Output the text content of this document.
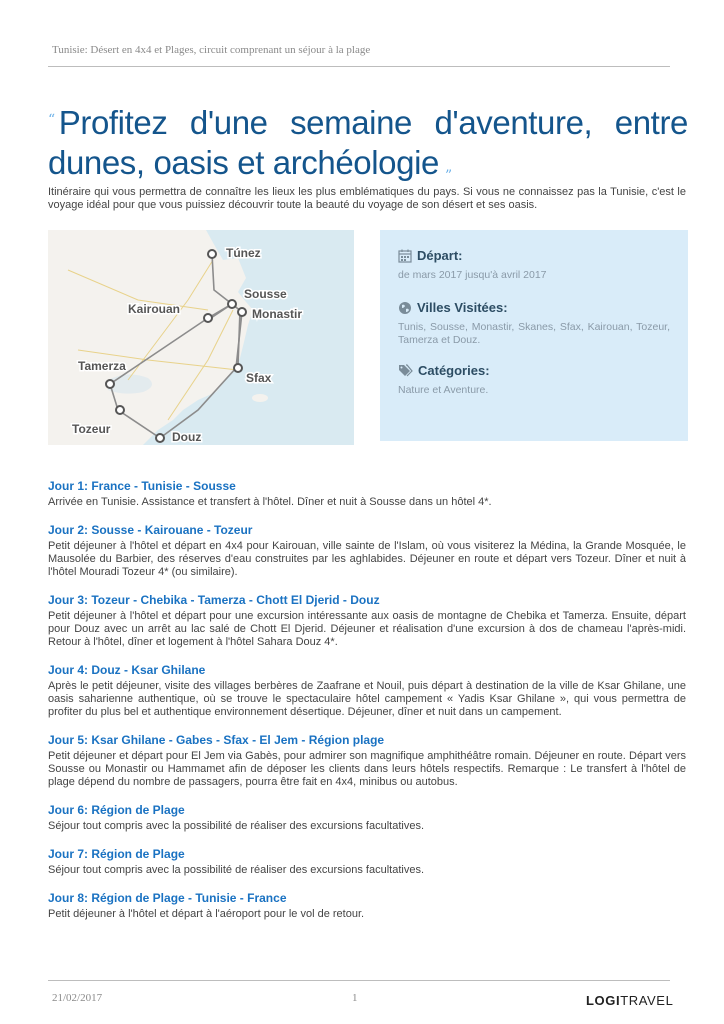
Tunisie: Désert en 4x4 et Plages, circuit comprenant un séjour à la plage
“ Profitez d'une semaine d'aventure, entre dunes, oasis et archéologie ”
Itinéraire qui vous permettra de connaître les lieux les plus emblématiques du pays. Si vous ne connaissez pas la Tunisie, c'est le voyage idéal pour que vous puissiez découvrir toute la beauté du voyage de son désert et ses oasis.
Túnez
Kairouan
Sousse
Monastir
Tamerza
Sfax
Tozeur
Douz
Départ:
de mars 2017 jusqu'à avril 2017
Villes Visitées:
Tunis, Sousse, Monastir, Skanes, Sfax, Kairouan, Tozeur, Tamerza et Douz.
Catégories:
Nature et Aventure.
Jour 1: France - Tunisie - Sousse
Arrivée en Tunisie. Assistance et transfert à l'hôtel. Dîner et nuit à Sousse dans un hôtel 4*.
Jour 2: Sousse - Kairouane - Tozeur
Petit déjeuner à l'hôtel et départ en 4x4 pour Kairouan, ville sainte de l'Islam, où vous visiterez la Médina, la Grande Mosquée, le Mausolée du Barbier, des réserves d'eau construites par les aghlabides. Déjeuner en route et départ vers Tozeur. Dîner et nuit à l'hôtel Mouradi Tozeur 4* (ou similaire).
Jour 3: Tozeur - Chebika - Tamerza - Chott El Djerid - Douz
Petit déjeuner à l'hôtel et départ pour une excursion intéressante aux oasis de montagne de Chebika et Tamerza. Ensuite, départ pour Douz avec un arrêt au lac salé de Chott El Djerid. Déjeuner et réalisation d'une excursion à dos de chameau l'après-midi. Retour à l'hôtel, dîner et logement à l'hôtel Sahara Douz 4*.
Jour 4: Douz - Ksar Ghilane
Après le petit déjeuner, visite des villages berbères de Zaafrane et Nouil, puis départ à destination de la ville de Ksar Ghilane, une oasis saharienne authentique, où se trouve le spectaculaire hôtel campement « Yadis Ksar Ghilane », qui vous permettra de profiter du plus bel et authentique environnement désertique. Déjeuner, dîner et nuit dans un campement.
Jour 5: Ksar Ghilane - Gabes - Sfax - El Jem - Région plage
Petit déjeuner et départ pour El Jem via Gabès, pour admirer son magnifique amphithéâtre romain. Déjeuner en route. Départ vers Sousse ou Monastir ou Hammamet afin de déposer les clients dans leurs hôtels respectifs. Remarque : Le transfert à l'hôtel de plage dépend du nombre de passagers, pourra être fait en 4x4, minibus ou autobus.
Jour 6: Région de Plage
Séjour tout compris avec la possibilité de réaliser des excursions facultatives.
Jour 7: Région de Plage
Séjour tout compris avec la possibilité de réaliser des excursions facultatives.
Jour 8: Région de Plage - Tunisie - France
Petit déjeuner à l'hôtel et départ à l'aéroport pour le vol de retour.
21/02/2017	1	LOGITRAVEL
